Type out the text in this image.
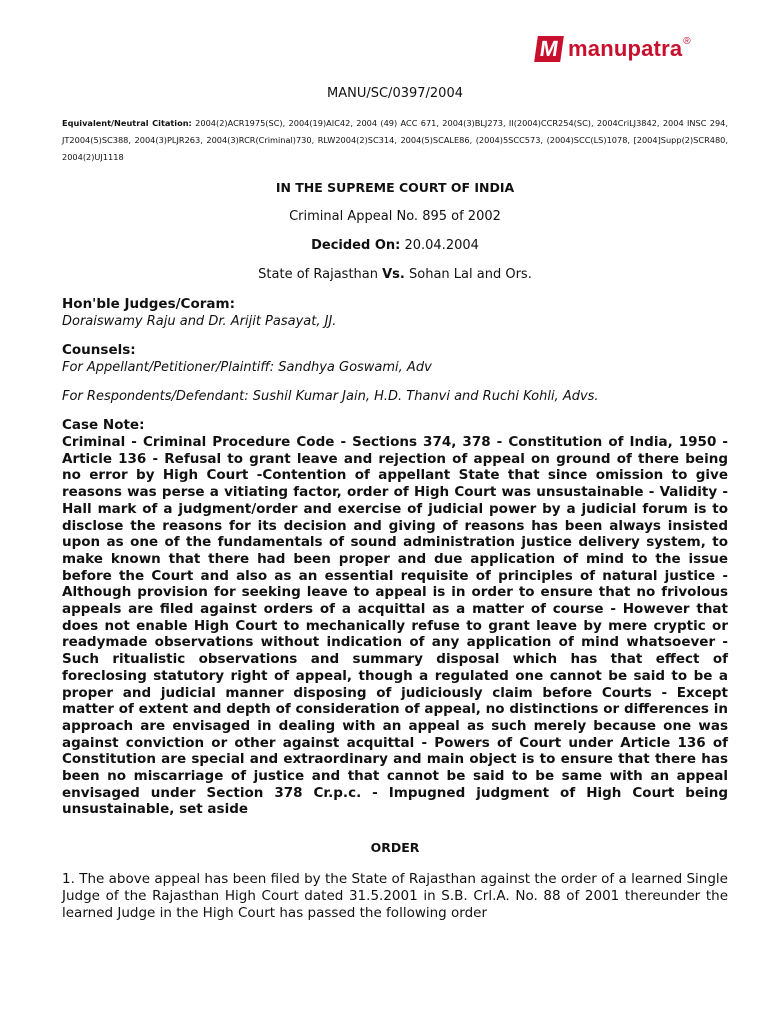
M manupatra ®

MANU/SC/0397/2004

Equivalent/Neutral Citation: 2004(2)ACR1975(SC), 2004(19)AIC42, 2004 (49) ACC 671, 2004(3)BLJ273, II(2004)CCR254(SC), 2004CriLJ3842, 2004 INSC 294, JT2004(5)SC388, 2004(3)PLJR263, 2004(3)RCR(Criminal)730, RLW2004(2)SC314, 2004(5)SCALE86, (2004)5SCC573, (2004)SCC(LS)1078, [2004]Supp(2)SCR480, 2004(2)UJ1118

IN THE SUPREME COURT OF INDIA

Criminal Appeal No. 895 of 2002

Decided On: 20.04.2004

State of Rajasthan Vs. Sohan Lal and Ors.

Hon'ble Judges/Coram:

Doraiswamy Raju and Dr. Arijit Pasayat, JJ.

Counsels:

For Appellant/Petitioner/Plaintiff: Sandhya Goswami, Adv

For Respondents/Defendant: Sushil Kumar Jain, H.D. Thanvi and Ruchi Kohli, Advs.

Case Note:

Criminal - Criminal Procedure Code - Sections 374, 378 - Constitution of India, 1950 - Article 136 - Refusal to grant leave and rejection of appeal on ground of there being no error by High Court -Contention of appellant State that since omission to give reasons was perse a vitiating factor, order of High Court was unsustainable - Validity - Hall mark of a judgment/order and exercise of judicial power by a judicial forum is to disclose the reasons for its decision and giving of reasons has been always insisted upon as one of the fundamentals of sound administration justice delivery system, to make known that there had been proper and due application of mind to the issue before the Court and also as an essential requisite of principles of natural justice - Although provision for seeking leave to appeal is in order to ensure that no frivolous appeals are filed against orders of a acquittal as a matter of course - However that does not enable High Court to mechanically refuse to grant leave by mere cryptic or readymade observations without indication of any application of mind whatsoever - Such ritualistic observations and summary disposal which has that effect of foreclosing statutory right of appeal, though a regulated one cannot be said to be a proper and judicial manner disposing of judiciously claim before Courts - Except matter of extent and depth of consideration of appeal, no distinctions or differences in approach are envisaged in dealing with an appeal as such merely because one was against conviction or other against acquittal - Powers of Court under Article 136 of Constitution are special and extraordinary and main object is to ensure that there has been no miscarriage of justice and that cannot be said to be same with an appeal envisaged under Section 378 Cr.p.c. - Impugned judgment of High Court being unsustainable, set aside

ORDER

1. The above appeal has been filed by the State of Rajasthan against the order of a learned Single Judge of the Rajasthan High Court dated 31.5.2001 in S.B. Crl.A. No. 88 of 2001 thereunder the learned Judge in the High Court has passed the following order
